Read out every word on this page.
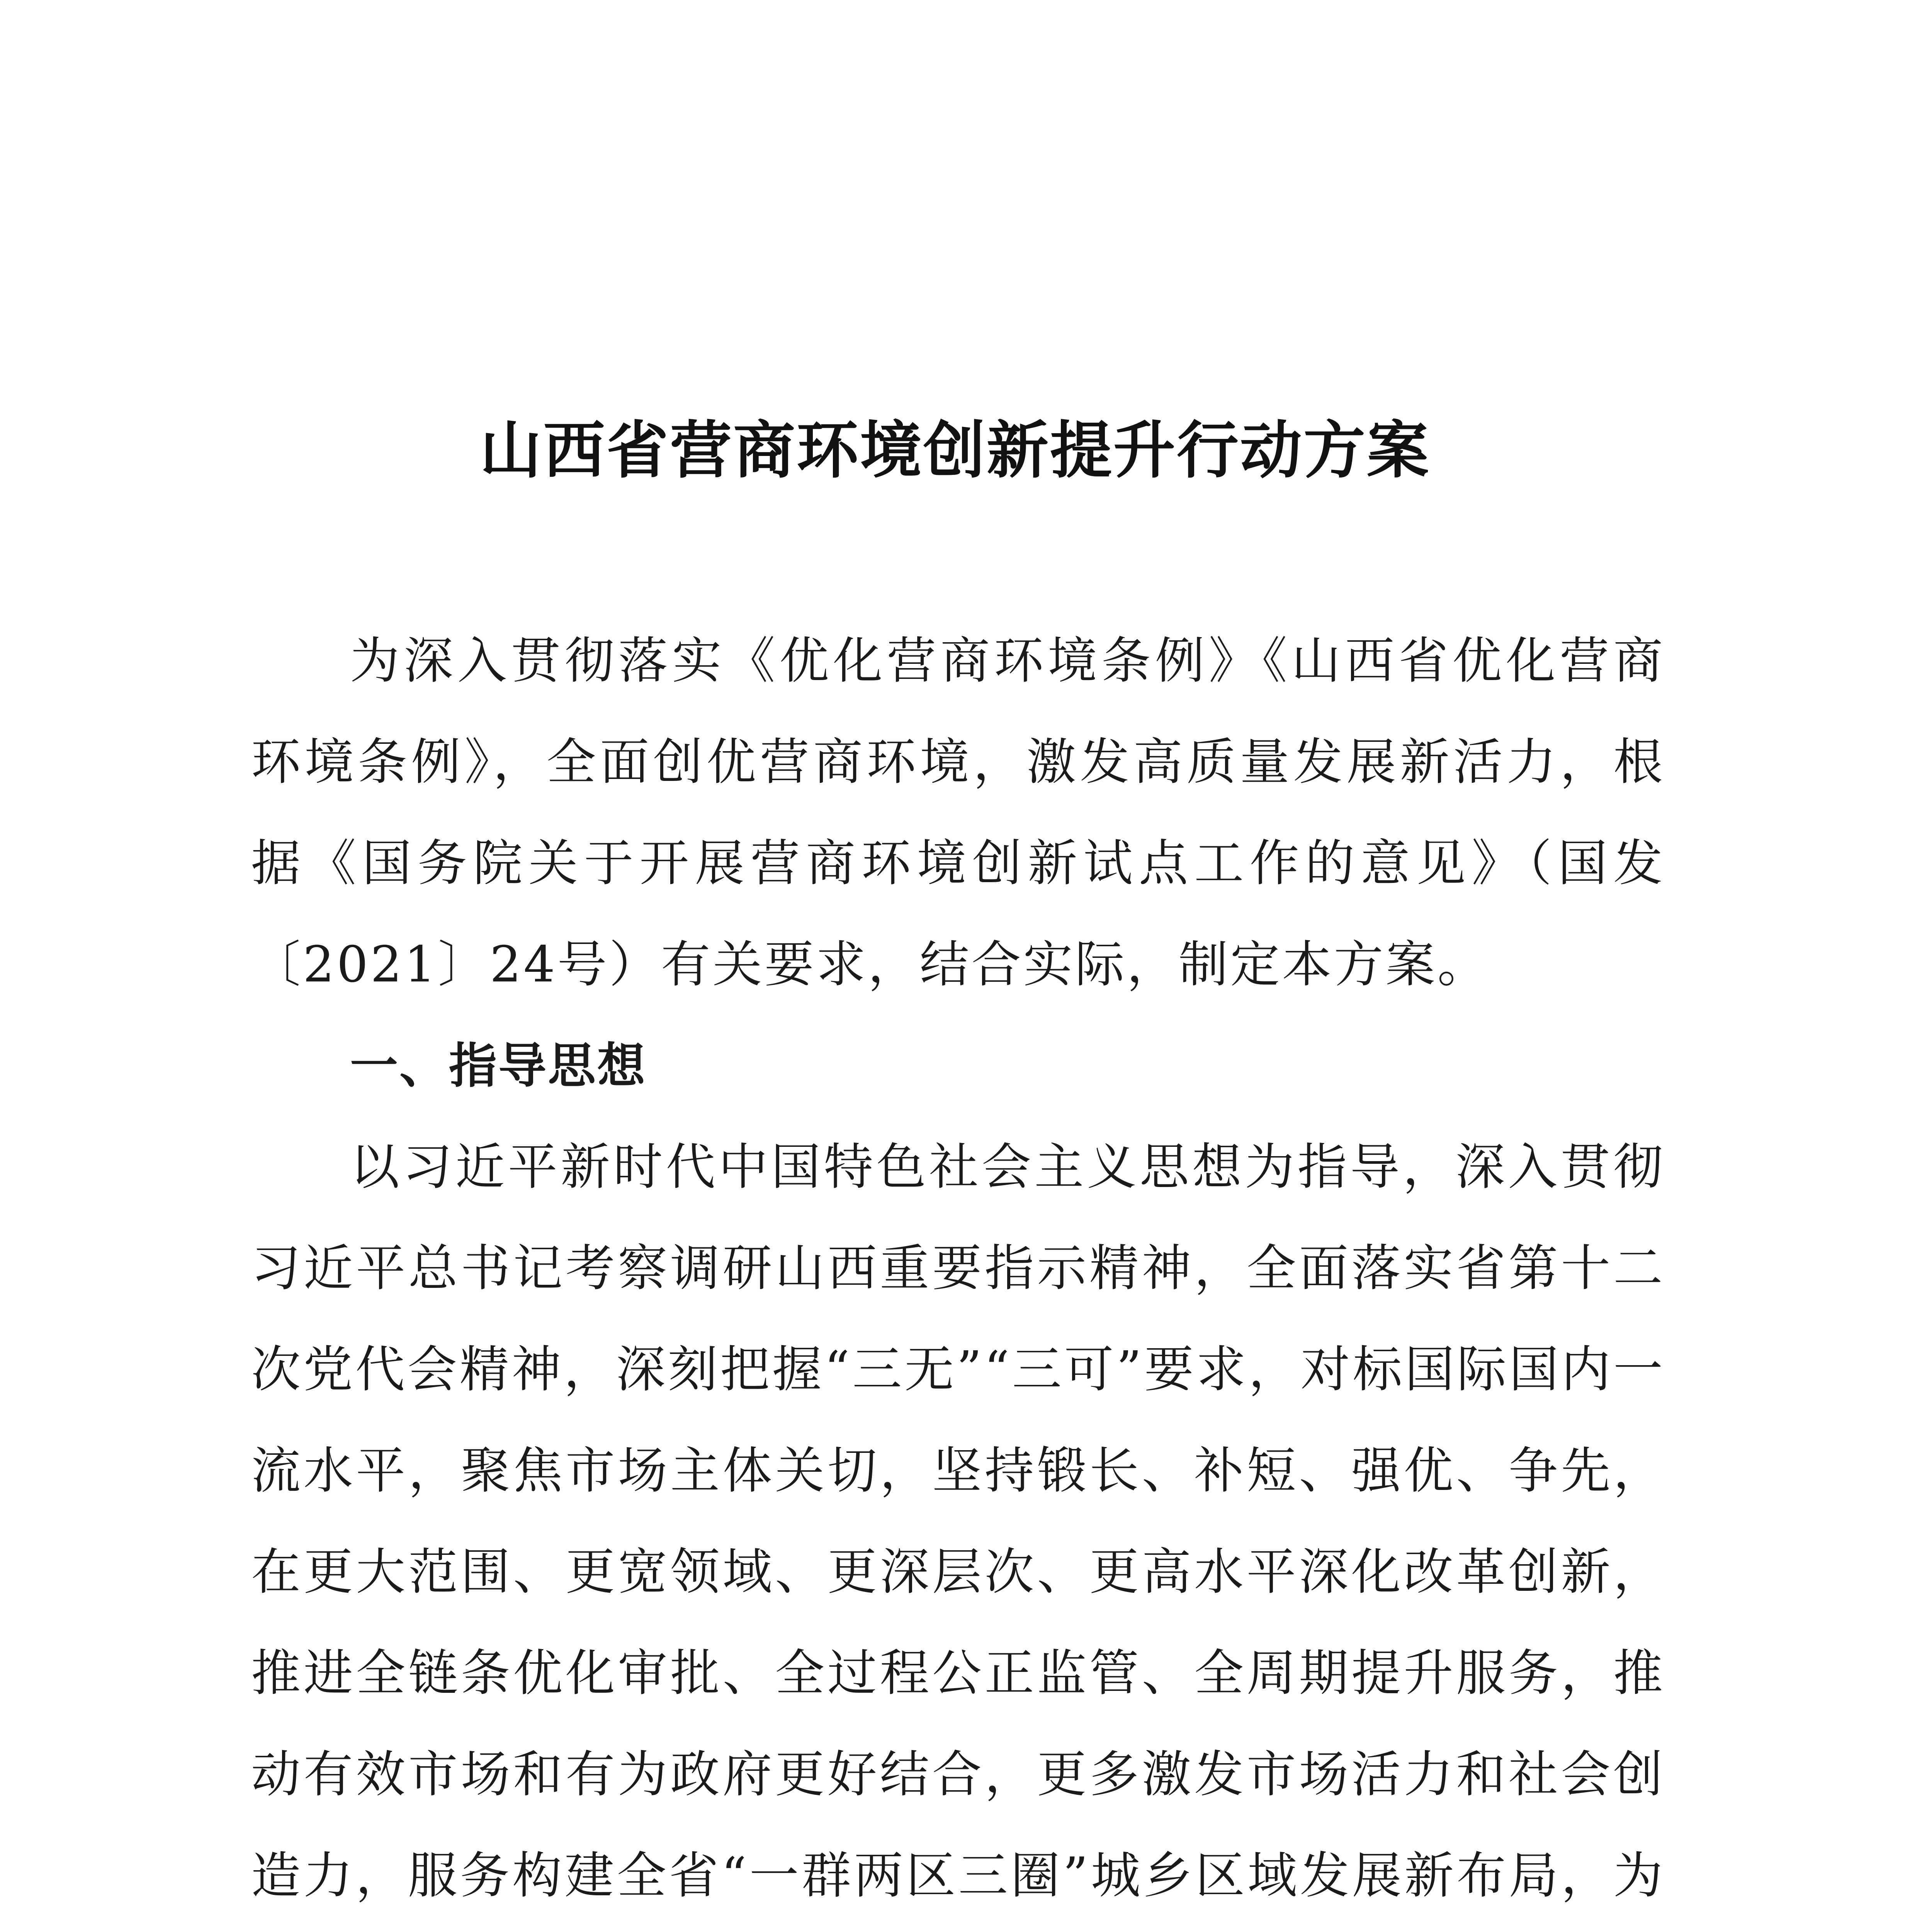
山西省营商环境创新提升行动方案

为深入贯彻落实《优化营商环境条例》《山西省优化营商环境条例》，全面创优营商环境，激发高质量发展新活力，根据《国务院关于开展营商环境创新试点工作的意见》（国发〔2021〕24号）有关要求，结合实际，制定本方案。

一、指导思想

以习近平新时代中国特色社会主义思想为指导，深入贯彻习近平总书记考察调研山西重要指示精神，全面落实省第十二次党代会精神，深刻把握“三无”“三可”要求，对标国际国内一流水平，聚焦市场主体关切，坚持锻长、补短、强优、争先，在更大范围、更宽领域、更深层次、更高水平深化改革创新，推进全链条优化审批、全过程公正监管、全周期提升服务，推动有效市场和有为政府更好结合，更多激发市场活力和社会创造力，服务构建全省“一群两区三圈”城乡区域发展新布局，为
